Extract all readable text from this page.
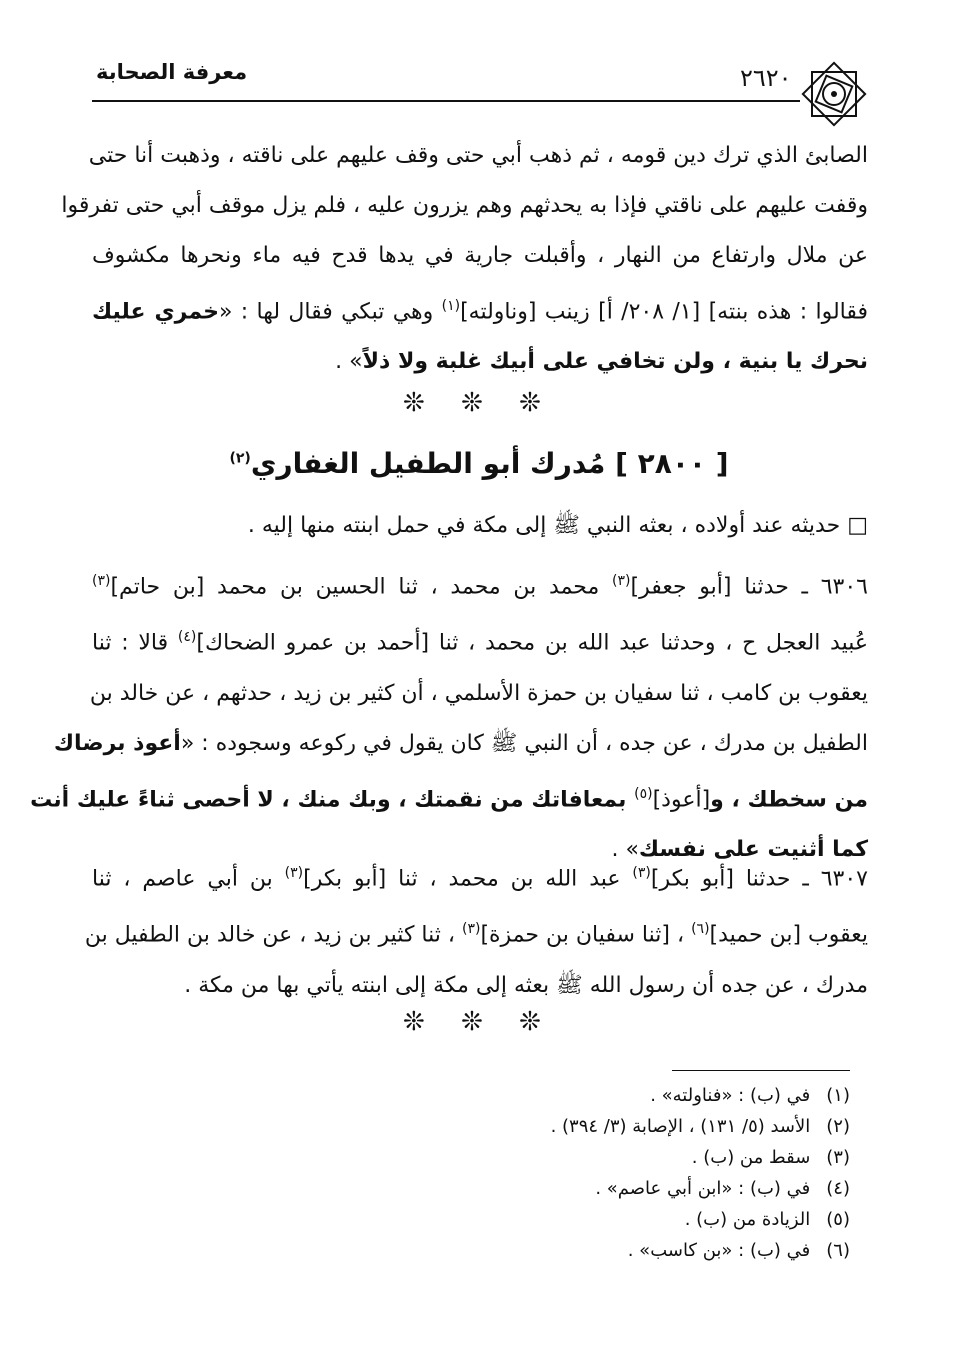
٢٦٢٠
معرفة الصحابة
الصابئ الذي ترك دين قومه ، ثم ذهب أبي حتى وقف عليهم على ناقته ، وذهبت أنا حتى
وقفت عليهم على ناقتي فإذا به يحدثهم وهم يزرون عليه ، فلم يزل موقف أبي حتى تفرقوا
عن ملال وارتفاع من النهار ، وأقبلت جارية في يدها قدح فيه ماء ونحرها مكشوف
فقالوا : هذه بنته] [١/ ٢٠٨/ أ] زينب [وناولته]$^{(١)}$ وهي تبكي فقال لها : «خمري عليك
نحرك يا بنية ، ولن تخافي على أبيك غلبة ولا ذلاً» .
❊ ❊ ❊
[ ٢٨٠٠ ] مُدرك أبو الطفيل الغفاري$^{(٢)}$
□ حديثه عند أولاده ، بعثه النبي ﷺ إلى مكة في حمل ابنته منها إليه .
٦٣٠٦ ـ حدثنا [أبو جعفر]$^{(٣)}$ محمد بن محمد ، ثنا الحسين بن محمد [بن حاتم]$^{(٣)}$
عُبيد العجل ح ، وحدثنا عبد الله بن محمد ، ثنا [أحمد بن عمرو الضحاك]$^{(٤)}$ قالا : ثنا
يعقوب بن كامب ، ثنا سفيان بن حمزة الأسلمي ، أن كثير بن زيد ، حدثهم ، عن خالد بن
الطفيل بن مدرك ، عن جده ، أن النبي ﷺ كان يقول في ركوعه وسجوده : «أعوذ برضاك
من سخطك ، و[أعوذ]$^{(٥)}$ بمعافاتك من نقمتك ، وبك منك ، لا أحصى ثناءً عليك أنت
كما أثنيت على نفسك» .
٦٣٠٧ ـ حدثنا [أبو بكر]$^{(٣)}$ عبد الله بن محمد ، ثنا [أبو بكر]$^{(٣)}$ بن أبي عاصم ، ثنا
يعقوب [بن حميد]$^{(٦)}$ ، [ثنا سفيان بن حمزة]$^{(٣)}$ ، ثنا كثير بن زيد ، عن خالد بن الطفيل بن
مدرك ، عن جده أن رسول الله ﷺ بعثه إلى مكة إلى ابنته يأتي بها من مكة .
❊ ❊ ❊
(١) في (ب) : «فناولته» .
(٢) الأسد (٥/ ١٣١) ، الإصابة (٣/ ٣٩٤) .
(٣) سقط من (ب) .
(٤) في (ب) : «ابن أبي عاصم» .
(٥) الزيادة من (ب) .
(٦) في (ب) : «بن كاسب» .
